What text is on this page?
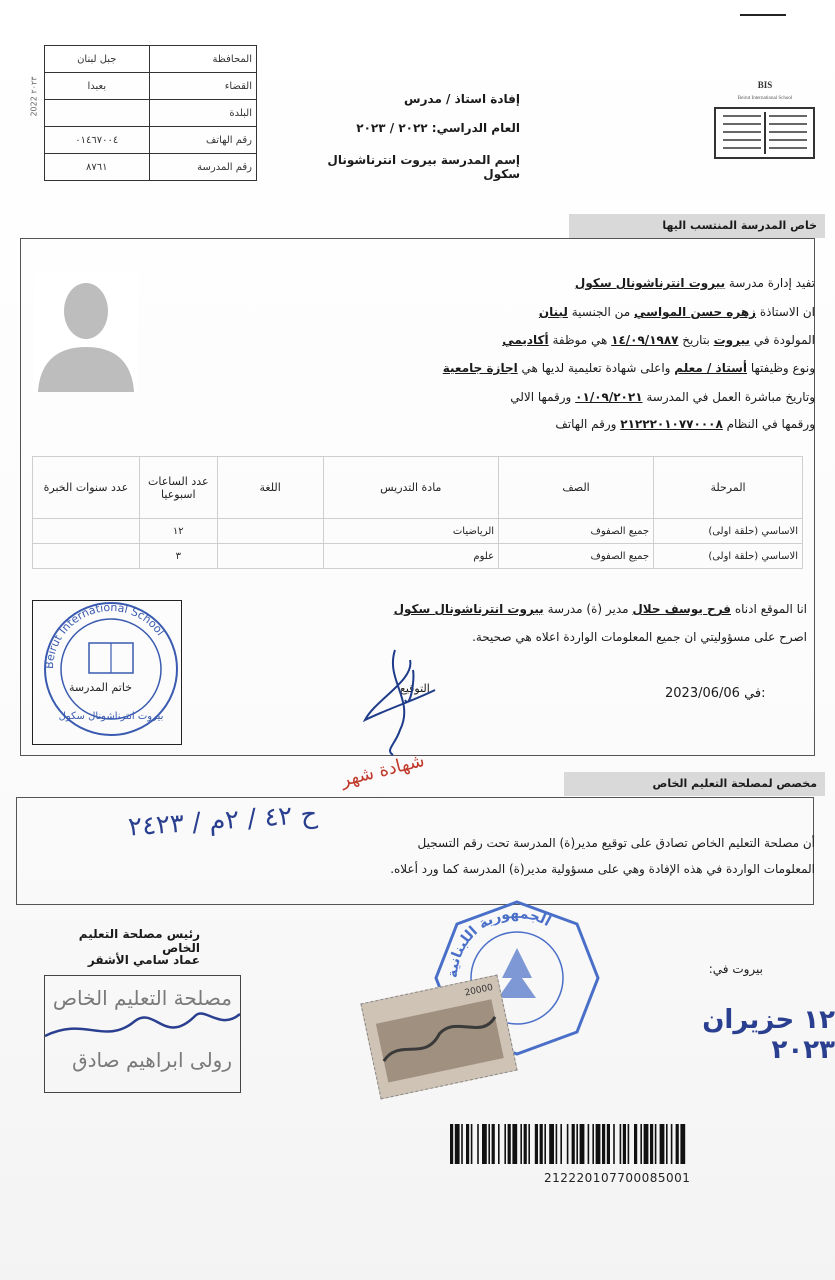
2022 ٢٠٢٣
جبل لبنان	المحافظة
بعبدا	القضاء
	البلدة
٠١٤٦٧٠٠٤	رقم الهاتف
٨٧٦١	رقم المدرسة
إفادة استاذ / مدرس
العام الدراسي: ٢٠٢٢ / ٢٠٢٣
إسم المدرسة بيروت انترناشونال سكول
BIS
Beirut International School
خاص المدرسة المنتسب اليها
تفيد إدارة مدرسة بيروت انترناشونال سكول
ان الاستاذة زهره حسن المواسي من الجنسية لبنان
المولودة في بيروت بتاريخ ١٤/٠٩/١٩٨٧ هي موظفة أكاديمي
ونوع وظيفتها أستاذ / معلم واعلى شهادة تعليمية لديها هي اجازة جامعية
وتاريخ مباشرة العمل في المدرسة ٠١/٠٩/٢٠٢١ ورقمها الالي
ورقمها في النظام ٢١٢٢٢٠١٠٧٧٠٠٠٨ ورقم الهاتف
عدد سنوات الخبرة	عدد الساعات اسبوعيا	اللغة	مادة التدريس	الصف	المرحلة
	١٢		الرياضيات	جميع الصفوف	الاساسي (حلقة اولى)
	٣		علوم	جميع الصفوف	الاساسي (حلقة اولى)
انا الموقع ادناه فرح يوسف حلال مدير (ة) مدرسة بيروت انترناشونال سكول
اصرح على مسؤوليتي ان جميع المعلومات الواردة اعلاه هي صحيحة.
التوقيع	2023/06/06 في:
Beirut International School
بيروت انترناشونال سكول
خاتم المدرسة
شهادة شهر	مخصص لمصلحة التعليم الخاص
أن مصلحة التعليم الخاص تصادق على توقيع مدير(ة) المدرسة تحت رقم التسجيل
المعلومات الواردة في هذه الإفادة وهي على مسؤولية مدير(ة) المدرسة كما ورد أعلاه.
ح ٤٢ / ٢م / ٢٤٢٣
رئيس مصلحة التعليم الخاص
عماد سامي الأشقر
مصلحة التعليم الخاص
رولى ابراهيم صادق
الجمهورية اللبنانية
20000
بيروت في:
١٢ حزيران ٢٠٢٣
212220107700085001
